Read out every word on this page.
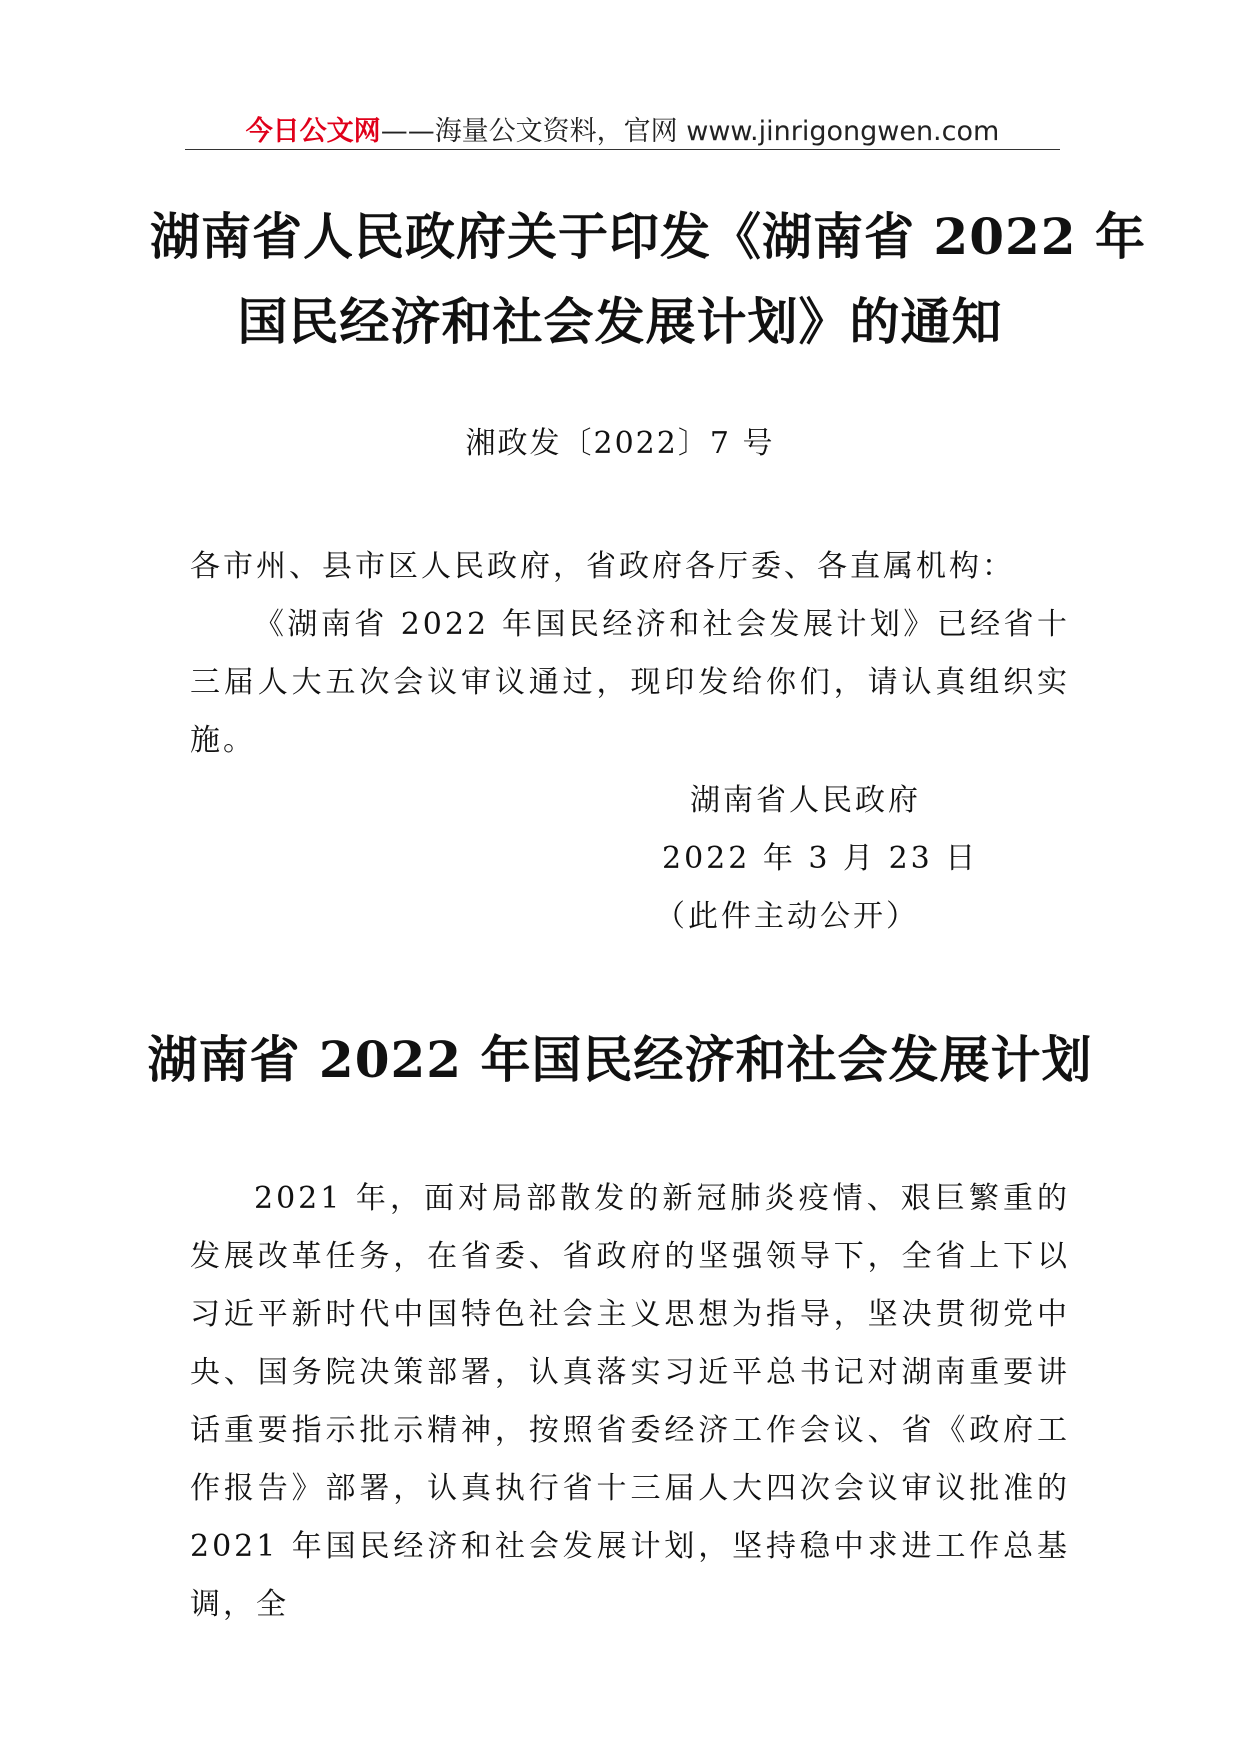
今日公文网——海量公文资料，官网 www.jinrigongwen.com
湖南省人民政府关于印发《湖南省 2022 年
国民经济和社会发展计划》的通知
湘政发〔2022〕7 号

各市州、县市区人民政府，省政府各厅委、各直属机构：

《湖南省 2022 年国民经济和社会发展计划》已经省十三届人大五次会议审议通过，现印发给你们，请认真组织实施。

湖南省人民政府
2022 年 3 月 23 日
（此件主动公开）
湖南省 2022 年国民经济和社会发展计划

2021 年，面对局部散发的新冠肺炎疫情、艰巨繁重的发展改革任务，在省委、省政府的坚强领导下，全省上下以习近平新时代中国特色社会主义思想为指导，坚决贯彻党中央、国务院决策部署，认真落实习近平总书记对湖南重要讲话重要指示批示精神，按照省委经济工作会议、省《政府工作报告》部署，认真执行省十三届人大四次会议审议批准的 2021 年国民经济和社会发展计划，坚持稳中求进工作总基调，全
